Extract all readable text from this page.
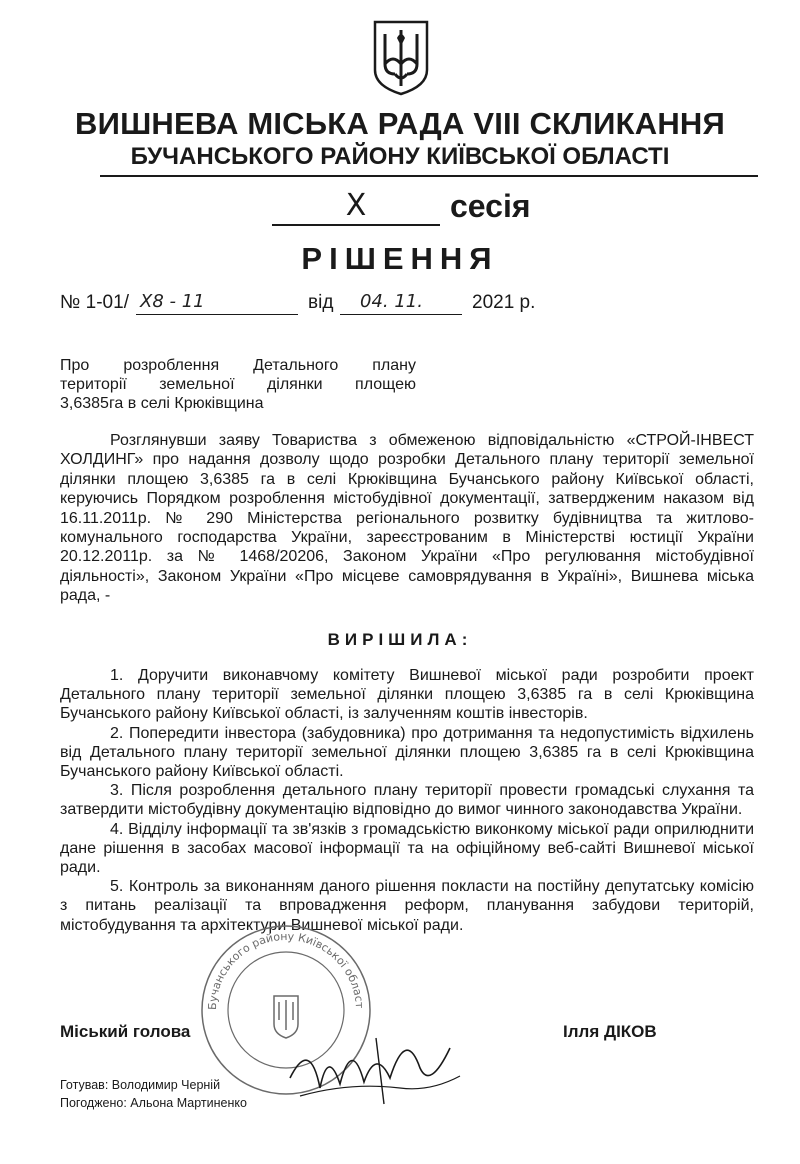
ВИШНЕВА МІСЬКА РАДА VIII СКЛИКАННЯ
БУЧАНСЬКОГО РАЙОНУ КИЇВСЬКОЇ ОБЛАСТІ
X	сесія
РІШЕННЯ
№ 1-01/ X8 - 11	від 04. 11.	2021 р.
Про розроблення Детального плану
території земельної ділянки площею
3,6385га в селі Крюківщина

Розглянувши заяву Товариства з обмеженою відповідальністю «СТРОЙ-ІНВЕСТ ХОЛДИНГ» про надання дозволу щодо розробки Детального плану території земельної ділянки площею 3,6385 га в селі Крюківщина Бучанського району Київської області, керуючись Порядком розроблення містобудівної документації, затвердженим наказом від 16.11.2011р. № 290 Міністерства регіонального розвитку будівництва та житлово-комунального господарства України, зареєстрованим в Міністерстві юстиції України 20.12.2011р. за № 1468/20206, Законом України «Про регулювання містобудівної діяльності», Законом України «Про місцеве самоврядування в Україні», Вишнева міська рада, -

ВИРІШИЛА:

1. Доручити виконавчому комітету Вишневої міської ради розробити проект Детального плану території земельної ділянки площею 3,6385 га в селі Крюківщина Бучанського району Київської області, із залученням коштів інвесторів.

2. Попередити інвестора (забудовника) про дотримання та недопустимість відхилень від Детального плану території земельної ділянки площею 3,6385 га в селі Крюківщина Бучанського району Київської області.

3. Після розроблення детального плану території провести громадські слухання та затвердити містобудівну документацію відповідно до вимог чинного законодавства України.

4. Відділу інформації та зв'язків з громадськістю виконкому міської ради оприлюднити дане рішення в засобах масової інформації та на офіційному веб-сайті Вишневої міської ради.

5. Контроль за виконанням даного рішення покласти на постійну депутатську комісію з питань реалізації та впровадження реформ, планування забудови територій, містобудування та архітектури Вишневої міської ради.

Бучанського району Київської област
Міський голова	Ілля ДІКОВ
Готував: Володимир Черній
Погоджено: Альона Мартиненко
